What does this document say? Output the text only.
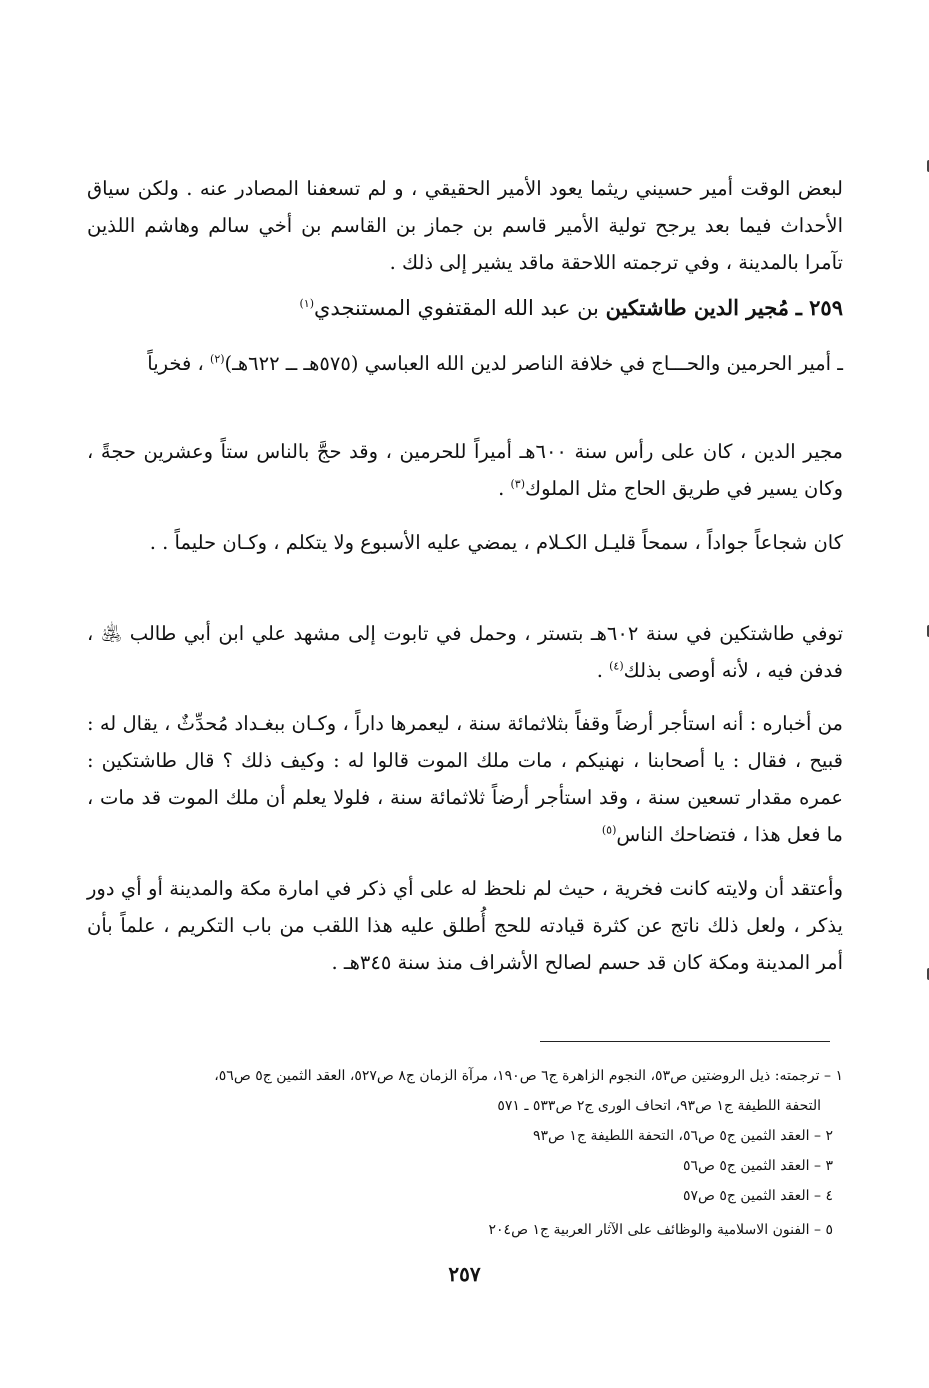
لبعض الوقت أمير حسيني ريثما يعود الأمير الحقيقي ، و لم تسعفنا المصادر عنه . ولكن سياق الأحداث فيما بعد يرجح تولية الأمير قاسم بن جماز بن القاسم بن أخي سالم وهاشم اللذين تآمرا بالمدينة ، وفي ترجمته اللاحقة ماقد يشير إلى ذلك .

٢٥٩ ـ مُجير الدين طاشتكين بن عبد الله المقتفوي المستنجدي$^{(١)}$

ـ أمير الحرمين والحـــاج في خلافة الناصر لدين الله العباسي (٥٧٥هـ ــ ٦٢٢هـ)$^{(٢)}$ ، فخرياً

مجير الدين ، كان على رأس سنة ٦٠٠هـ أميراً للحرمين ، وقد حجَّ بالناس ستاً وعشرين حجةً ، وكان يسير في طريق الحاج مثل الملوك$^{(٣)}$ .

كان شجاعاً جواداً ، سمحاً قليـل الكـلام ، يمضي عليه الأسبوع ولا يتكلم ، وكـان حليماً . .

توفي طاشتكين في سنة ٦٠٢هـ بتستر ، وحمل في تابوت إلى مشهد علي ابن أبي طالب ﵁ ، فدفن فيه ، لأنه أوصى بذلك$^{(٤)}$ .

من أخباره : أنه استأجر أرضاً وقفاً بثلاثمائة سنة ، ليعمرها داراً ، وكـان ببغـداد مُحدِّثٌ ، يقال له : قبيح ، فقال : يا أصحابنا ، نهنيكم ، مات ملك الموت قالوا له : وكيف ذلك ؟ قال طاشتكين : عمره مقدار تسعين سنة ، وقد استأجر أرضاً ثلاثمائة سنة ، فلولا يعلم أن ملك الموت قد مات ، ما فعل هذا ، فتضاحك الناس$^{(٥)}$

وأعتقد أن ولايته كانت فخرية ، حيث لم نلحظ له على أي ذكر في امارة مكة والمدينة أو أي دور يذكر ، ولعل ذلك ناتج عن كثرة قيادته للحج أُطلق عليه هذا اللقب من باب التكريم ، علماً بأن أمر المدينة ومكة كان قد حسم لصالح الأشراف منذ سنة ٣٤٥هـ .

١ – ترجمته: ذيل الروضتين ص٥٣، النجوم الزاهرة ج٦ ص١٩٠، مرآة الزمان ج٨ ص٥٢٧، العقد الثمين ج٥ ص٥٦،

التحفة اللطيفة ج١ ص٩٣، اتحاف الورى ج٢ ص٥٣٣ ـ ٥٧١

٢ – العقد الثمين ج٥ ص٥٦، التحفة اللطيفة ج١ ص٩٣

٣ – العقد الثمين ج٥ ص٥٦

٤ – العقد الثمين ج٥ ص٥٧

٥ – الفنون الاسلامية والوظائف على الآثار العربية ج١ ص٢٠٤

٢٥٧
